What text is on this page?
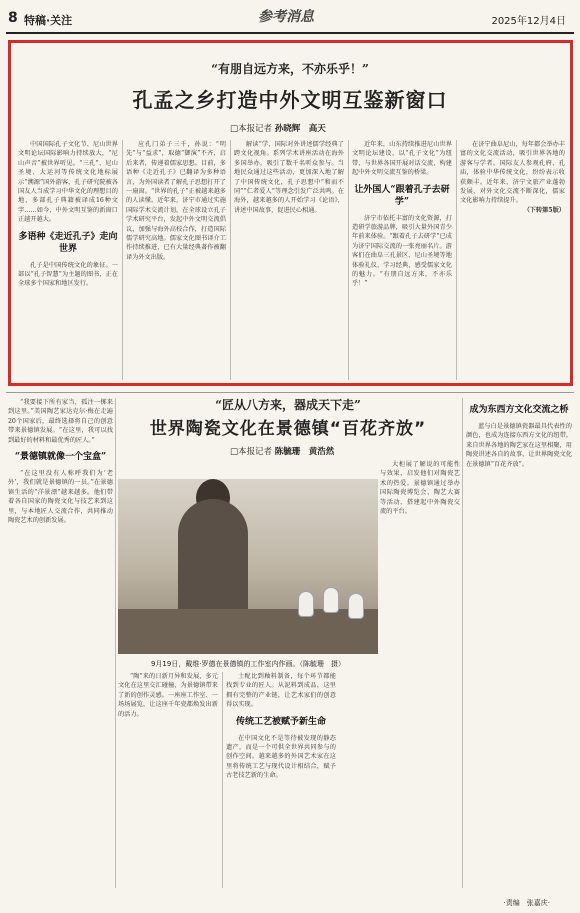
8 特稿·关注	参考消息	2025年12月4日
“有朋自远方来，不亦乐乎！”
孔孟之乡打造中外文明互鉴新窗口
□本报记者 孙晓辉　高天

中国国际孔子文化节、尼山世界文明论坛国际影响力持续放大，“尼山声音”被世界听见。“三孔”、尼山圣境、大运河等传统文化地标展示“溯源”国外游客，孔子研究院被各国友人当成学习中华文化的理想目的地，多部孔子典籍被译成16种文字……如今，中外文明互鉴的新窗口正越开越大。

多语种《走近孔子》走向世界

孔子是中国传统文化的象征。一部以“孔子智慧”为主题的图书，正在全球多个国家和地区发行。

应孔门弟子三千，孙说：“明先”与“益求”，取德“御演”不齐，启后来者，传递着儒家思想。目前，多语种《走近孔子》已翻译为多种语言，为外国读者了解孔子思想打开了一扇窗。“世界的孔子”正被越来越多的人读懂。近年来，济宁市通过实施国际学术交流计划，在全球设立孔子学术研究平台，发起中外文明交流倡议，加强与海外高校合作，打造国际儒学研究高地。儒家文化图书译介工作持续推进，已有大量经典著作被翻译为外文出版。

解读“学，国际对外讲述儒学经典了跨文化视角。系列学术讲座活动在海外多国举办，吸引了数千名听众参与。当地民众通过这些活动，更加深入地了解了中国传统文化，孔子思想中“和而不同”“仁者爱人”等理念引发广泛共鸣。在海外，越来越多的人开始学习《论语》，讲述中国故事，促进民心相通。

近年来，山东持续推进尼山世界文明论坛建设，以“孔子文化”为纽带，与世界各国开展对话交流，构建起中外文明交流互鉴的桥梁。

让外国人“跟着孔子去研学”

济宁市依托丰富的文化资源，打造研学旅游品牌，吸引大量外国青少年前来体验。“跟着孔子去研学”已成为济宁国际交流的一张亮丽名片。游客们在曲阜三孔景区、尼山圣境等地体验礼仪、学习经典，感受儒家文化的魅力。“有朋自远方来，不亦乐乎！”

在济宁曲阜尼山，每年都会举办丰富的文化交流活动，吸引世界各地的游客与学者。国际友人参观孔府、孔庙，体验中华传统文化，纷纷表示收获颇丰。近年来，济宁文旅产业蓬勃发展，对外文化交流不断深化，儒家文化影响力持续提升。

（下转第5版）

“我要接下所有家当，孤注一掷来到这里。”美国陶艺家达克尔·梅在走遍20个国家后，最终选择将自己的创意带来景德镇发展。“在这里，我可以找到最好的材料和最优秀的匠人。”

“景德镇就像一个宝盒”

“在这里没有人称呼我们为‘老外’，我们就是景德镇的一员。”在景德镇生活的“洋景漂”越来越多。他们带着各自国家的陶瓷文化与技艺来到这里，与本地匠人交流合作，共同推动陶瓷艺术的创新发展。

“匠从八方来，器成天下走”
世界陶瓷文化在景德镇“百花齐放”
□本报记者 陈毓珊　黄浩然

大柜展了解说的可能性与效果，启发他们对陶瓷艺术的热爱。景德镇通过举办国际陶瓷博览会、陶艺大赛等活动，搭建起中外陶瓷交流的平台。

9月19日，戴维·罗德在景德镇的工作室内作画。（陈毓珊　摄）

“陶”来的日新月异和发展，多元文化在这里交汇碰撞，为景德镇带来了新的创作灵感。一座座工作室、一场场展览，让这座千年瓷都焕发出新的活力。

土配比到釉料制备，每个环节都能找到专业的匠人。从泥料到成品，这里拥有完整的产业链，让艺术家们的创意得以实现。

传统工艺被赋予新生命

在中国文化不是等待被发现的静态遗产，而是一个可供全世界共同参与的创作空间。越来越多的外国艺术家在这里将传统工艺与现代设计相结合，赋予古老技艺新的生命。

成为东西方文化交流之桥

蓝与白是景德镇瓷器最具代表性的颜色，也成为连接东西方文化的纽带。来自世界各地的陶艺家在这里相聚，用陶瓷讲述各自的故事，让世界陶瓷文化在景德镇“百花齐放”。

·责编　张嘉庆·
